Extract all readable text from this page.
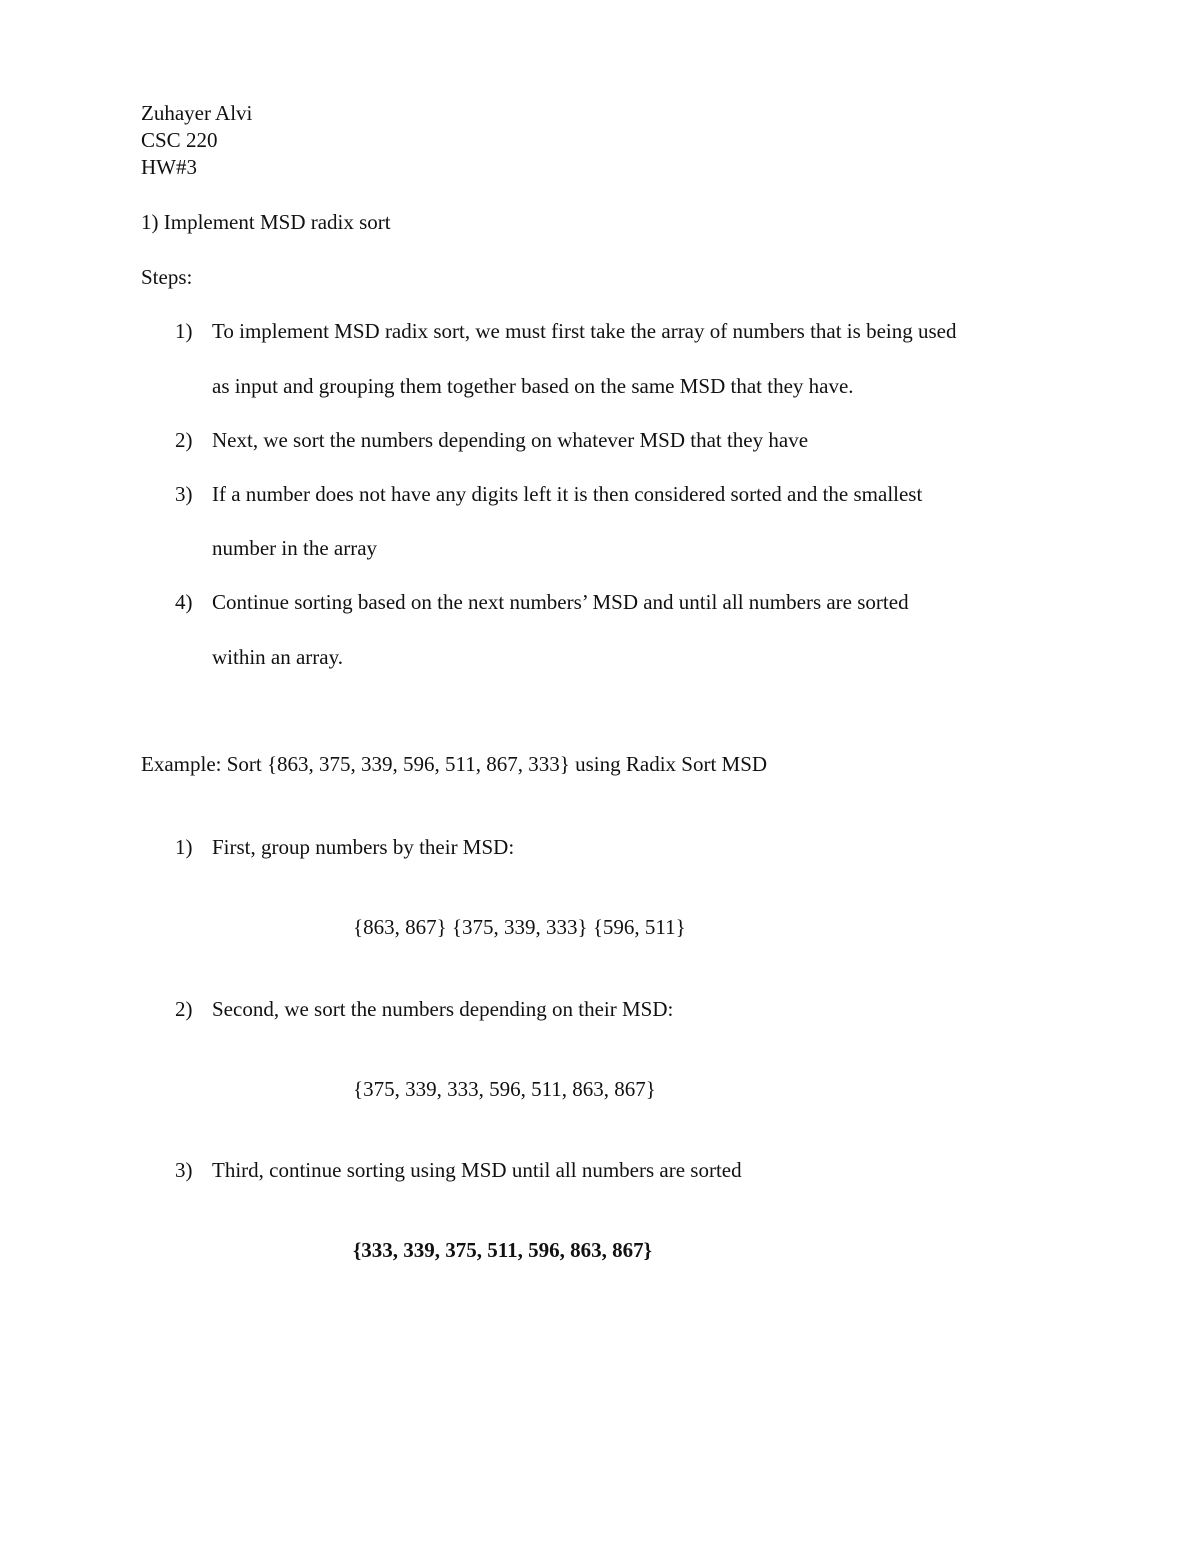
Zuhayer Alvi
CSC 220
HW#3
1) Implement MSD radix sort
Steps:
1) To implement MSD radix sort, we must first take the array of numbers that is being used
as input and grouping them together based on the same MSD that they have.
2) Next, we sort the numbers depending on whatever MSD that they have
3) If a number does not have any digits left it is then considered sorted and the smallest
number in the array
4) Continue sorting based on the next numbers’ MSD and until all numbers are sorted
within an array.
Example: Sort {863, 375, 339, 596, 511, 867, 333} using Radix Sort MSD
1) First, group numbers by their MSD:
{863, 867} {375, 339, 333} {596, 511}
2) Second, we sort the numbers depending on their MSD:
{375, 339, 333, 596, 511, 863, 867}
3) Third, continue sorting using MSD until all numbers are sorted
{333, 339, 375, 511, 596, 863, 867}
